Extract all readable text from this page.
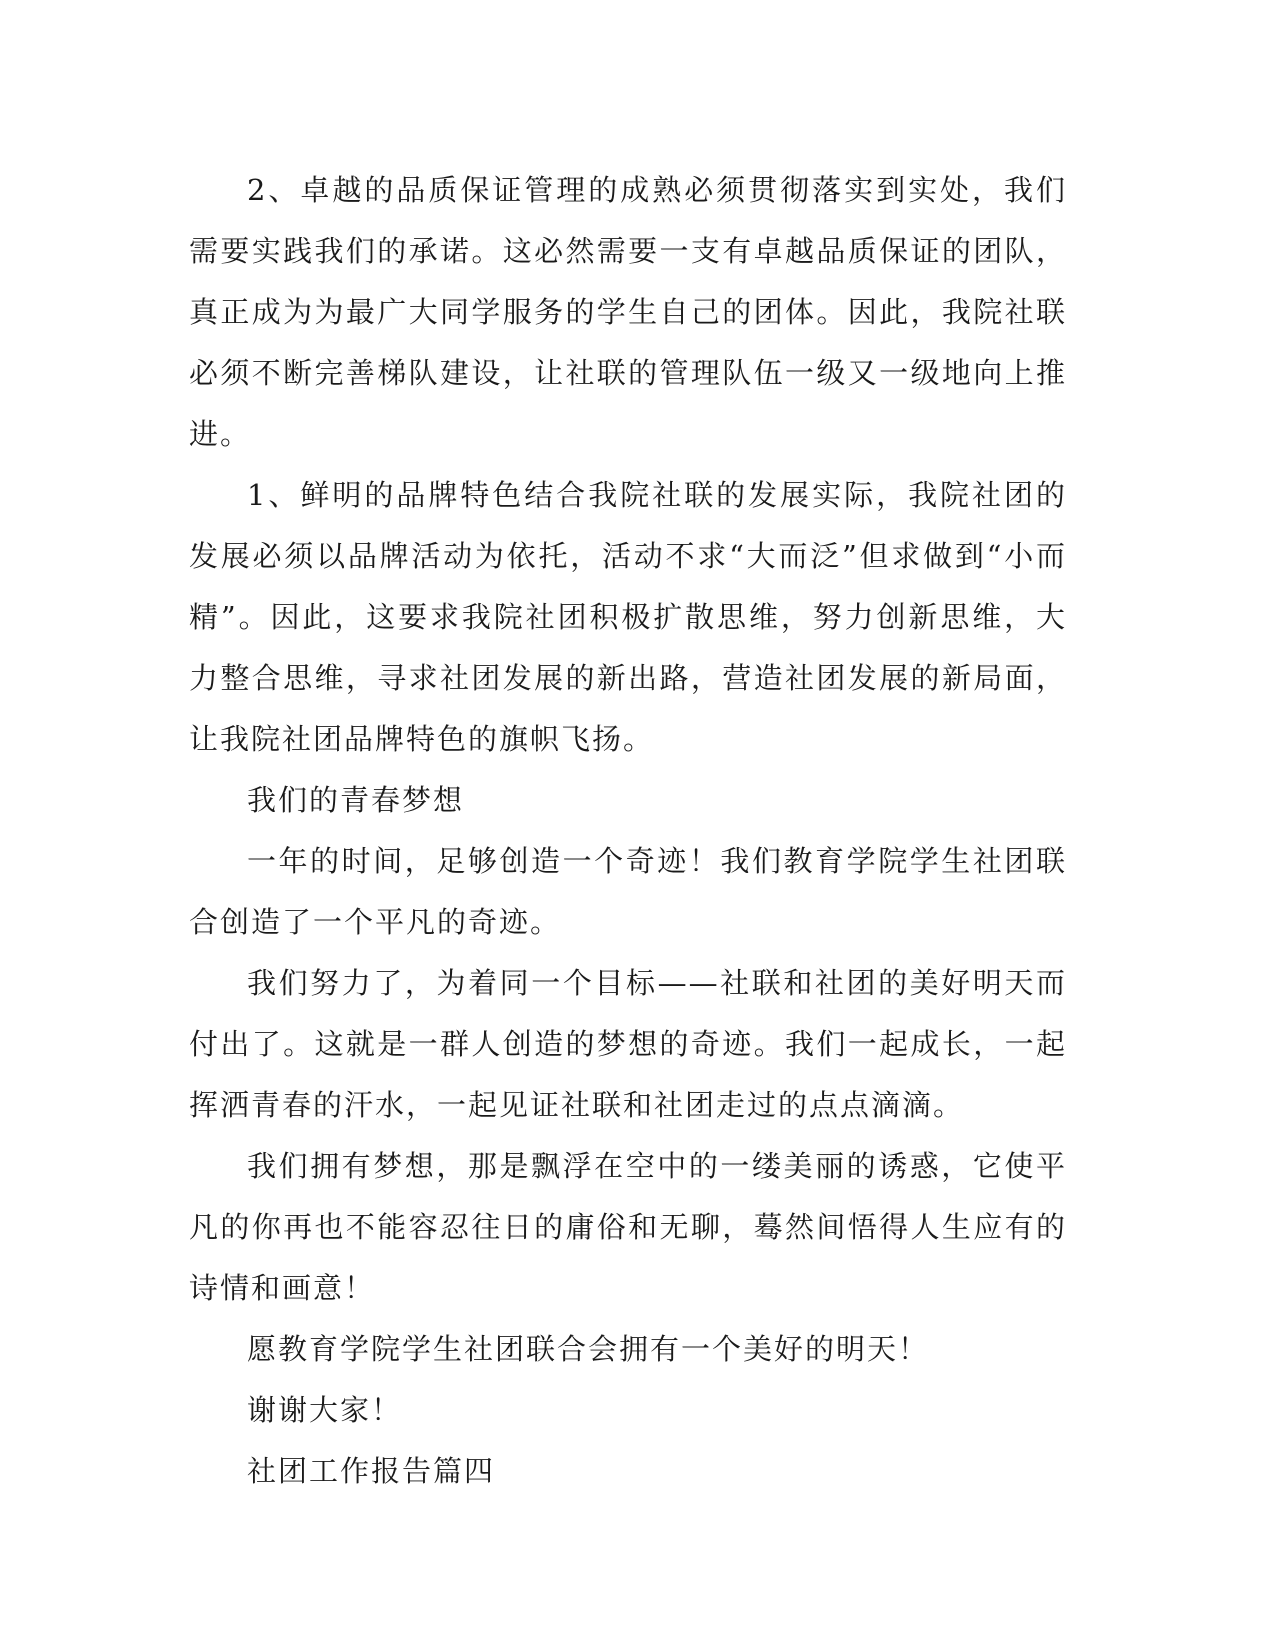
2、卓越的品质保证管理的成熟必须贯彻落实到实处，我们需要实践我们的承诺。这必然需要一支有卓越品质保证的团队，真正成为为最广大同学服务的学生自己的团体。因此，我院社联必须不断完善梯队建设，让社联的管理队伍一级又一级地向上推进。

1、鲜明的品牌特色结合我院社联的发展实际，我院社团的发展必须以品牌活动为依托，活动不求“大而泛”但求做到“小而精”。因此，这要求我院社团积极扩散思维，努力创新思维，大力整合思维，寻求社团发展的新出路，营造社团发展的新局面，让我院社团品牌特色的旗帜飞扬。

我们的青春梦想

一年的时间，足够创造一个奇迹！我们教育学院学生社团联合创造了一个平凡的奇迹。

我们努力了，为着同一个目标——社联和社团的美好明天而付出了。这就是一群人创造的梦想的奇迹。我们一起成长，一起挥洒青春的汗水，一起见证社联和社团走过的点点滴滴。

我们拥有梦想，那是飘浮在空中的一缕美丽的诱惑，它使平凡的你再也不能容忍往日的庸俗和无聊，蓦然间悟得人生应有的诗情和画意！

愿教育学院学生社团联合会拥有一个美好的明天！

谢谢大家！

社团工作报告篇四
